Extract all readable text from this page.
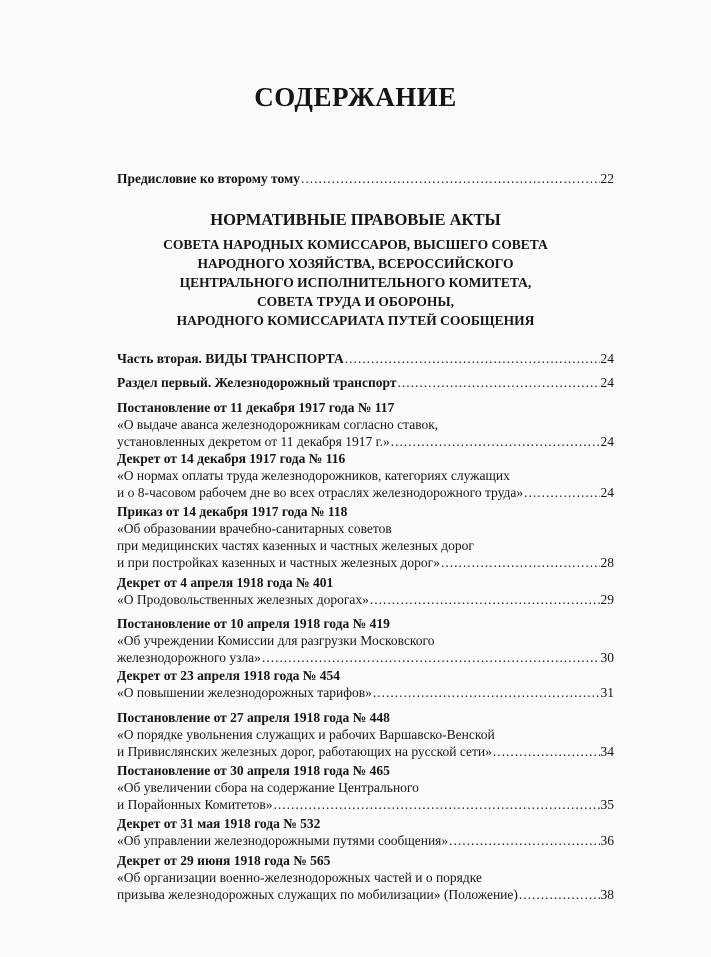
СОДЕРЖАНИЕ
Предисловие ко второму тому .....	22
НОРМАТИВНЫЕ ПРАВОВЫЕ АКТЫ
СОВЕТА НАРОДНЫХ КОМИССАРОВ, ВЫСШЕГО СОВЕТА
НАРОДНОГО ХОЗЯЙСТВА, ВСЕРОССИЙСКОГО
ЦЕНТРАЛЬНОГО ИСПОЛНИТЕЛЬНОГО КОМИТЕТА,
СОВЕТА ТРУДА И ОБОРОНЫ,
НАРОДНОГО КОМИССАРИАТА ПУТЕЙ СООБЩЕНИЯ
Часть вторая. ВИДЫ ТРАНСПОРТА .....	24
Раздел первый. Железнодорожный транспорт .....	24
Постановление от 11 декабря 1917 года № 117
«О выдаче аванса железнодорожникам согласно ставок,
установленных декретом от 11 декабря 1917 г.» .....	24
Декрет от 14 декабря 1917 года № 116
«О нормах оплаты труда железнодорожников, категориях служащих
и о 8-часовом рабочем дне во всех отраслях железнодорожного труда» .....	24
Приказ от 14 декабря 1917 года № 118
«Об образовании врачебно-санитарных советов
при медицинских частях казенных и частных железных дорог
и при постройках казенных и частных железных дорог» .....	28
Декрет от 4 апреля 1918 года № 401
«О Продовольственных железных дорогах» .....	29
Постановление от 10 апреля 1918 года № 419
«Об учреждении Комиссии для разгрузки Московского
железнодорожного узла» .....	30
Декрет от 23 апреля 1918 года № 454
«О повышении железнодорожных тарифов» .....	31
Постановление от 27 апреля 1918 года № 448
«О порядке увольнения служащих и рабочих Варшавско-Венской
и Привислянских железных дорог, работающих на русской сети» .....	34
Постановление от 30 апреля 1918 года № 465
«Об увеличении сбора на содержание Центрального
и Порайонных Комитетов» .....	35
Декрет от 31 мая 1918 года № 532
«Об управлении железнодорожными путями сообщения» .....	36
Декрет от 29 июня 1918 года № 565
«Об организации военно-железнодорожных частей и о порядке
призыва железнодорожных служащих по мобилизации» (Положение) .....	38
